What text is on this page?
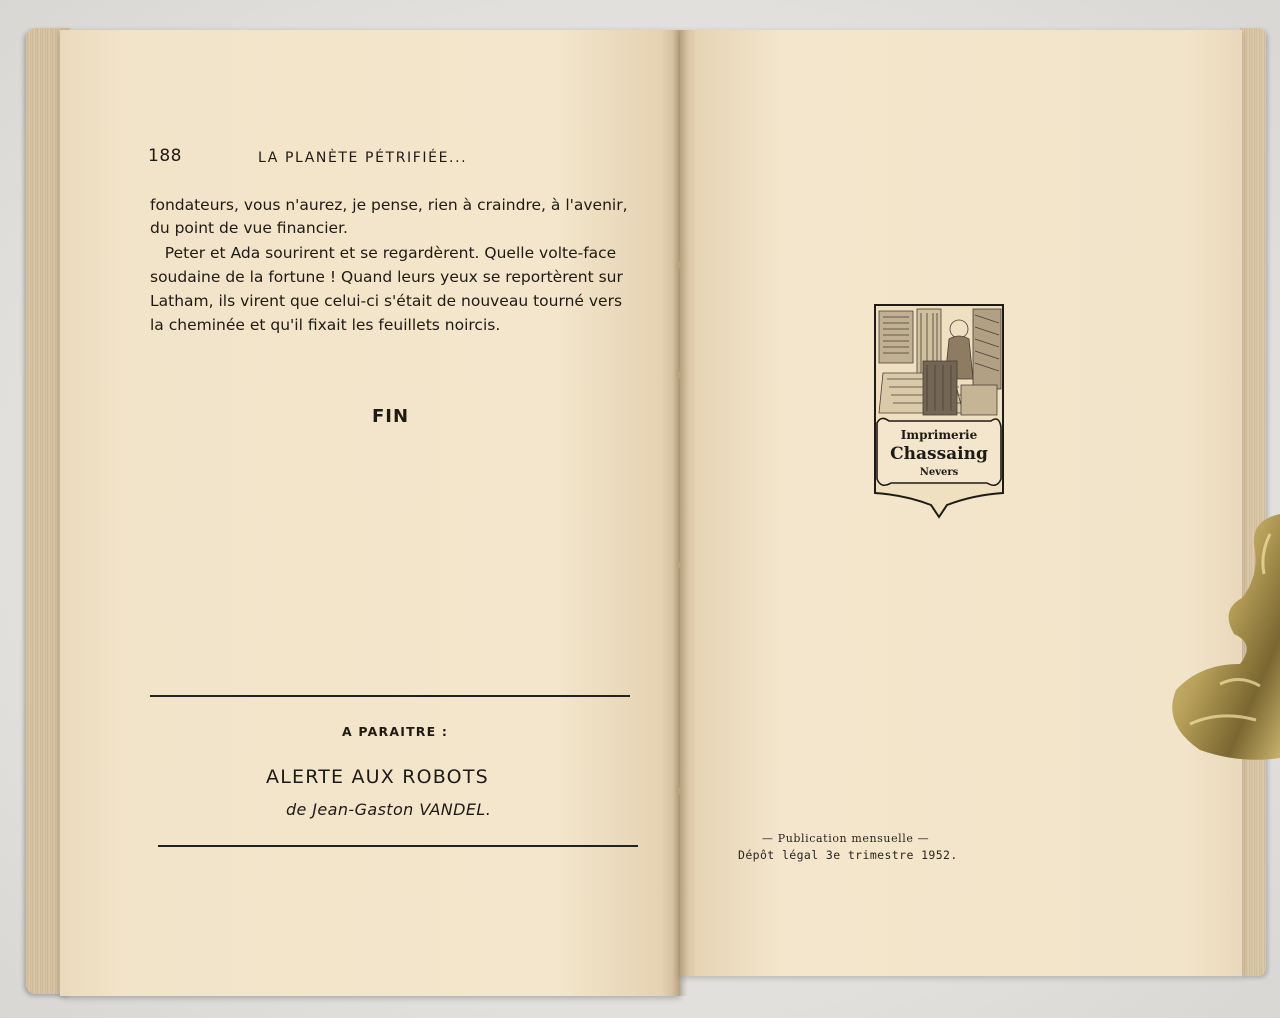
188	LA PLANÈTE PÉTRIFIÉE...
fondateurs, vous n'aurez, je pense, rien à craindre, à l'avenir,
du point de vue financier.
Peter et Ada sourirent et se regardèrent. Quelle volte-face
soudaine de la fortune ! Quand leurs yeux se reportèrent sur
Latham, ils virent que celui-ci s'était de nouveau tourné vers
la cheminée et qu'il fixait les feuillets noircis.
FIN
A PARAITRE :
ALERTE AUX ROBOTS
de Jean-Gaston VANDEL.
Imprimerie
Chassaing
Nevers
— Publication mensuelle —
Dépôt légal 3e trimestre 1952.
